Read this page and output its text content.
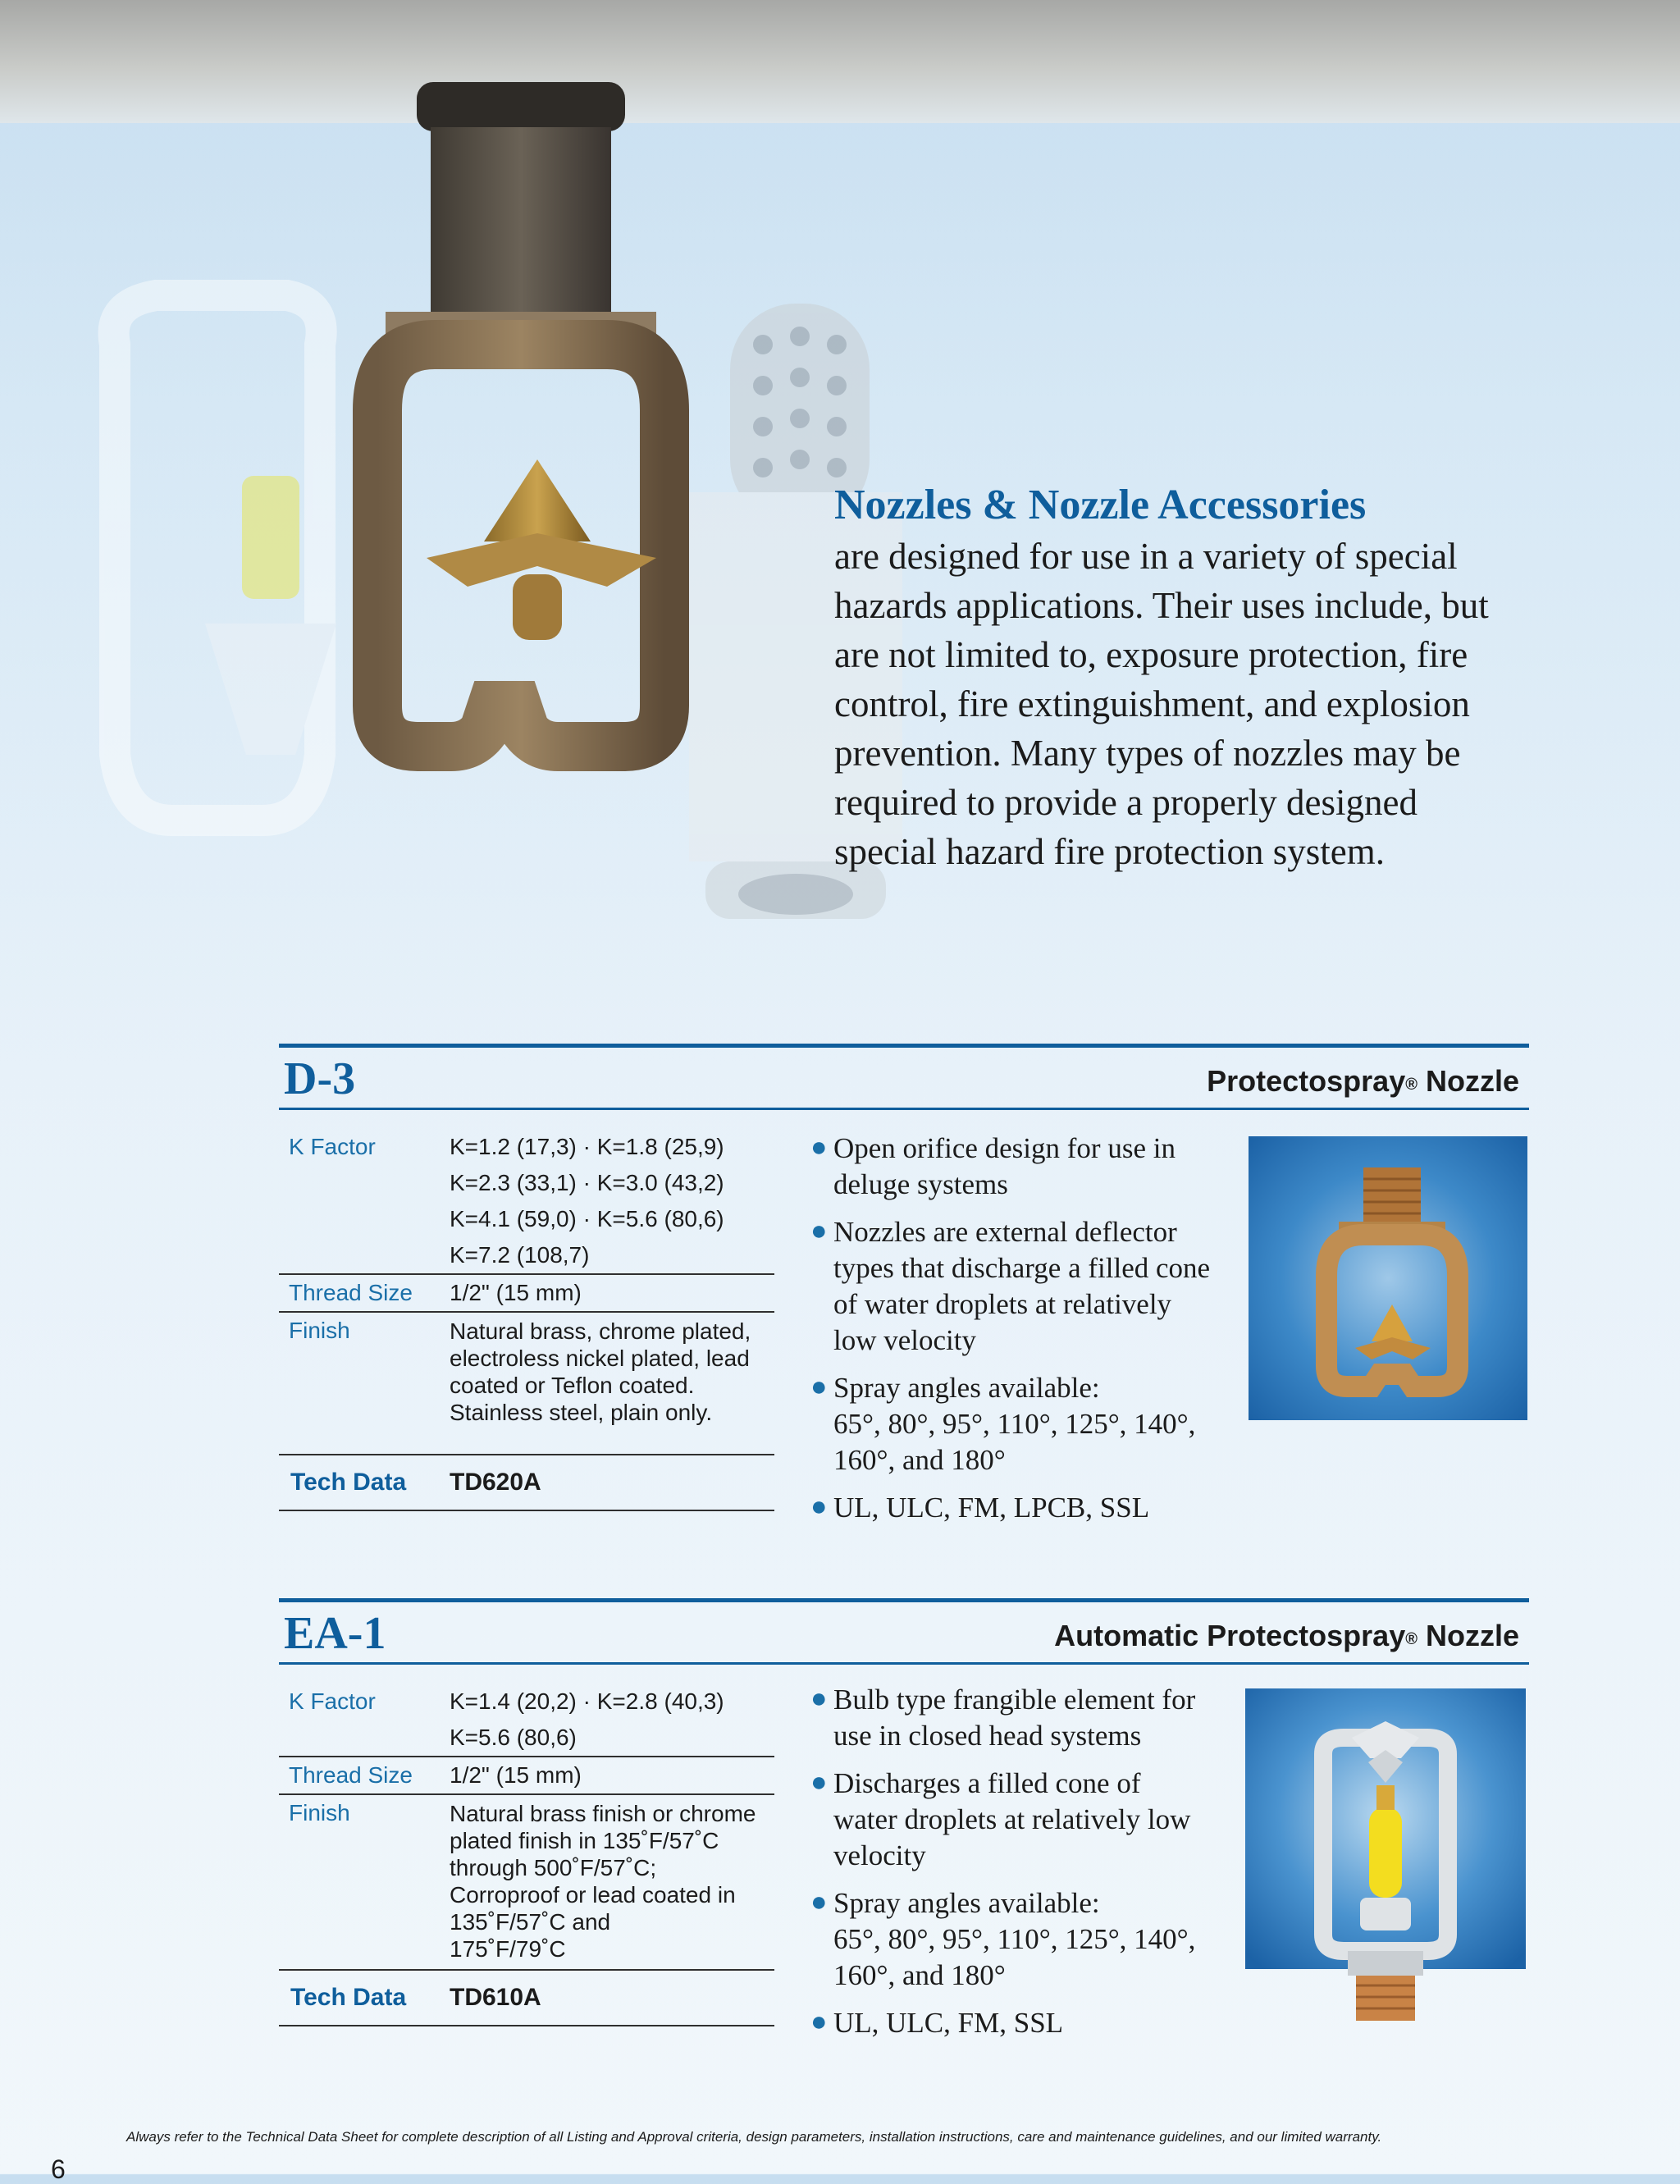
Nozzles & Nozzle Accessories

are designed for use in a variety of special
hazards applications. Their uses include, but
are not limited to, exposure protection, fire
control, fire extinguishment, and explosion
prevention. Many types of nozzles may be
required to provide a properly designed
special hazard fire protection system.

D-3	Protectospray® Nozzle
K Factor	K=1.2 (17,3) · K=1.8 (25,9)
K=2.3 (33,1) · K=3.0 (43,2)
K=4.1 (59,0) · K=5.6 (80,6)
K=7.2 (108,7)
Thread Size 1/2" (15 mm)
Finish	Natural brass, chrome plated,
electroless nickel plated, lead
coated or Teflon coated.
Stainless steel, plain only.
Tech Data TD620A
● Open orifice design for use in
deluge systems
● Nozzles are external deflector
types that discharge a filled cone
of water droplets at relatively
low velocity
● Spray angles available:
65°, 80°, 95°, 110°, 125°, 140°,
160°, and 180°
● UL, ULC, FM, LPCB, SSL
EA-1	Automatic Protectospray® Nozzle
K Factor	K=1.4 (20,2) · K=2.8 (40,3)
K=5.6 (80,6)
Thread Size 1/2" (15 mm)
Finish	Natural brass finish or chrome
plated finish in 135˚F/57˚C
through 500˚F/57˚C;
Corroproof or lead coated in
135˚F/57˚C and
175˚F/79˚C
Tech Data TD610A
● Bulb type frangible element for
use in closed head systems
● Discharges a filled cone of
water droplets at relatively low
velocity
● Spray angles available:
65°, 80°, 95°, 110°, 125°, 140°,
160°, and 180°
● UL, ULC, FM, SSL
6
Always refer to the Technical Data Sheet for complete description of all Listing and Approval criteria, design parameters, installation instructions, care and maintenance guidelines, and our limited warranty.
